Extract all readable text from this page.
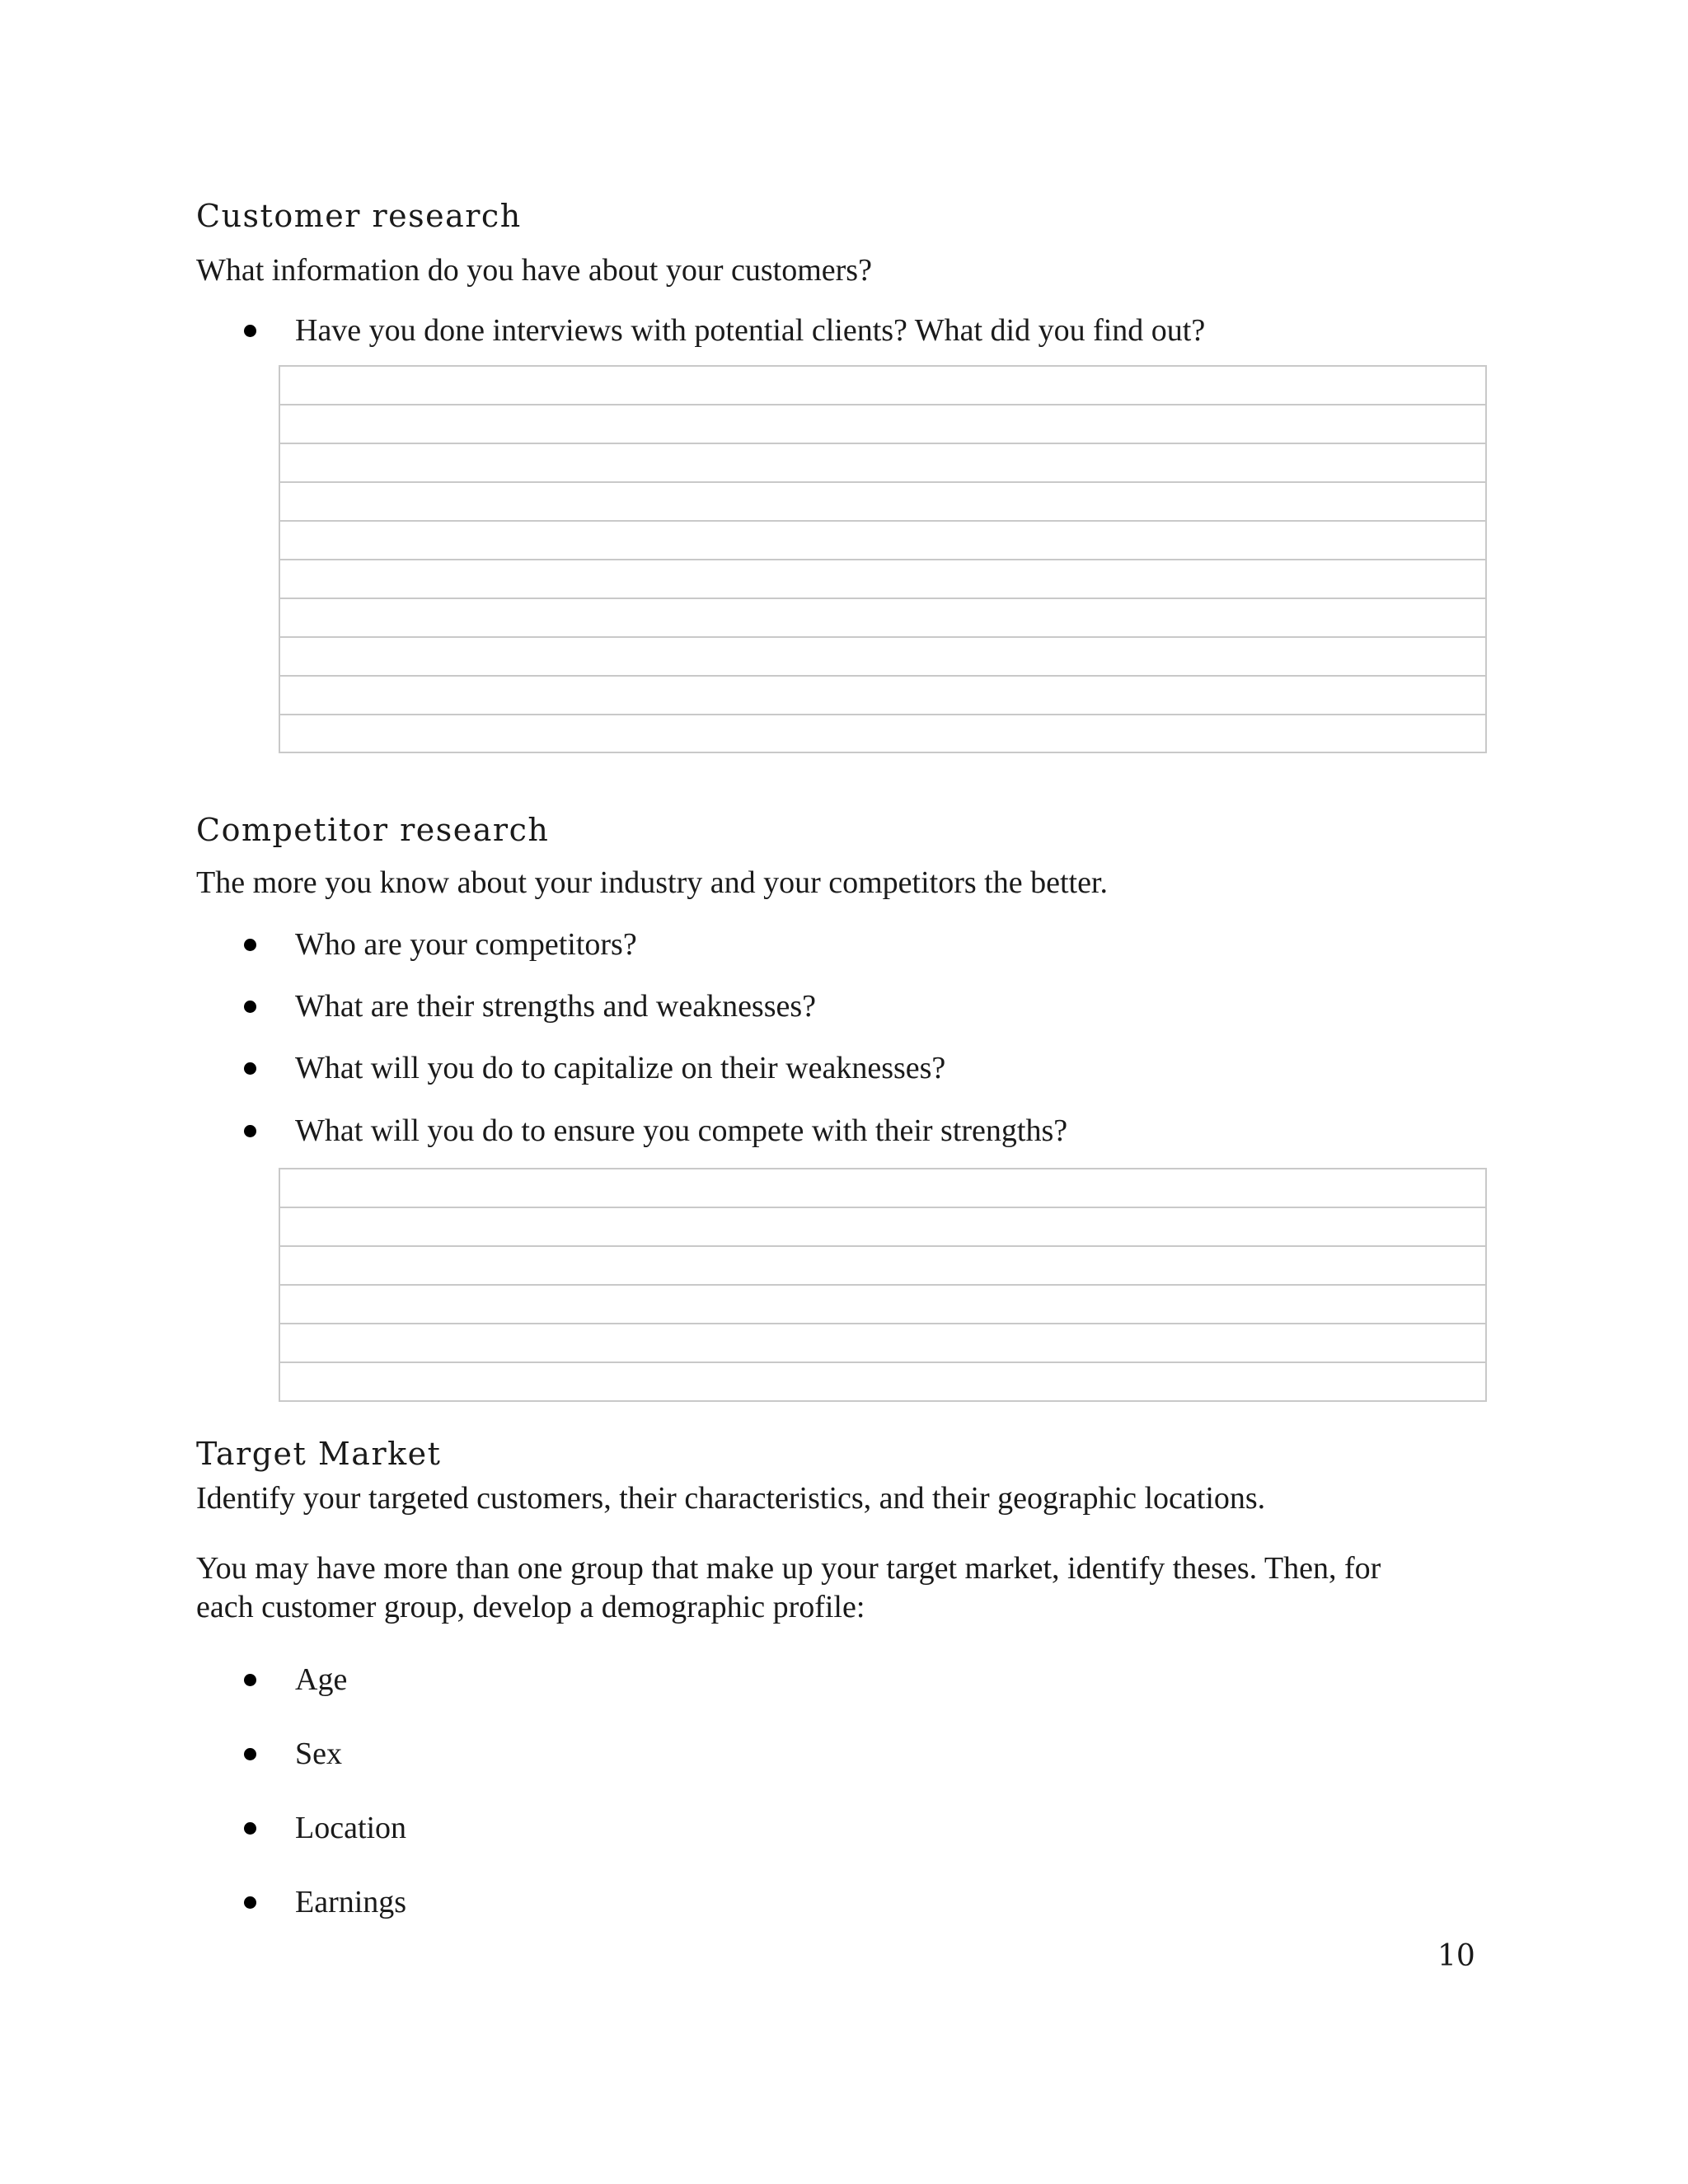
Customer research

What information do you have about your customers?

Have you done interviews with potential clients? What did you find out?
Competitor research

The more you know about your industry and your competitors the better.

Who are your competitors?
What are their strengths and weaknesses?
What will you do to capitalize on their weaknesses?
What will you do to ensure you compete with their strengths?
Target Market

Identify your targeted customers, their characteristics, and their geographic locations.

You may have more than one group that make up your target market, identify theses. Then, for

each customer group, develop a demographic profile:

Age
Sex
Location
Earnings
10
